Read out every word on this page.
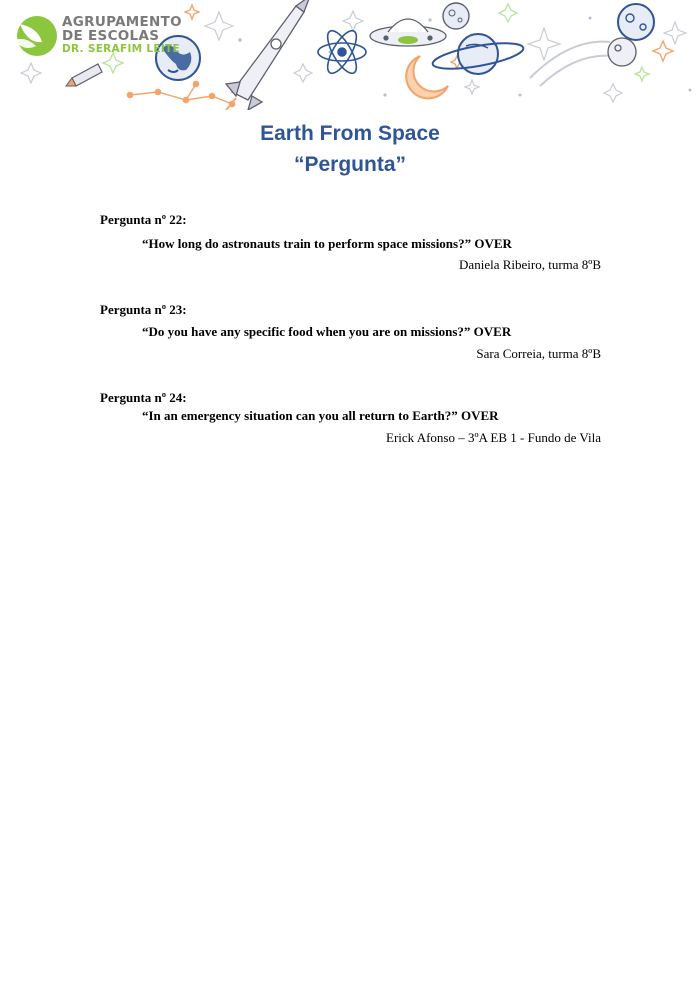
AGRUPAMENTO
DE ESCOLAS
DR. SERAFIM LEITE
Earth From Space
“Pergunta”
Pergunta nº 22:
“How long do astronauts train to perform space missions?” OVER
Daniela Ribeiro, turma 8ºB
Pergunta nº 23:
“Do you have any specific food when you are on missions?” OVER
Sara Correia, turma 8ºB
Pergunta nº 24:
“In an emergency situation can you all return to Earth?” OVER
Erick Afonso – 3ºA EB 1 - Fundo de Vila
